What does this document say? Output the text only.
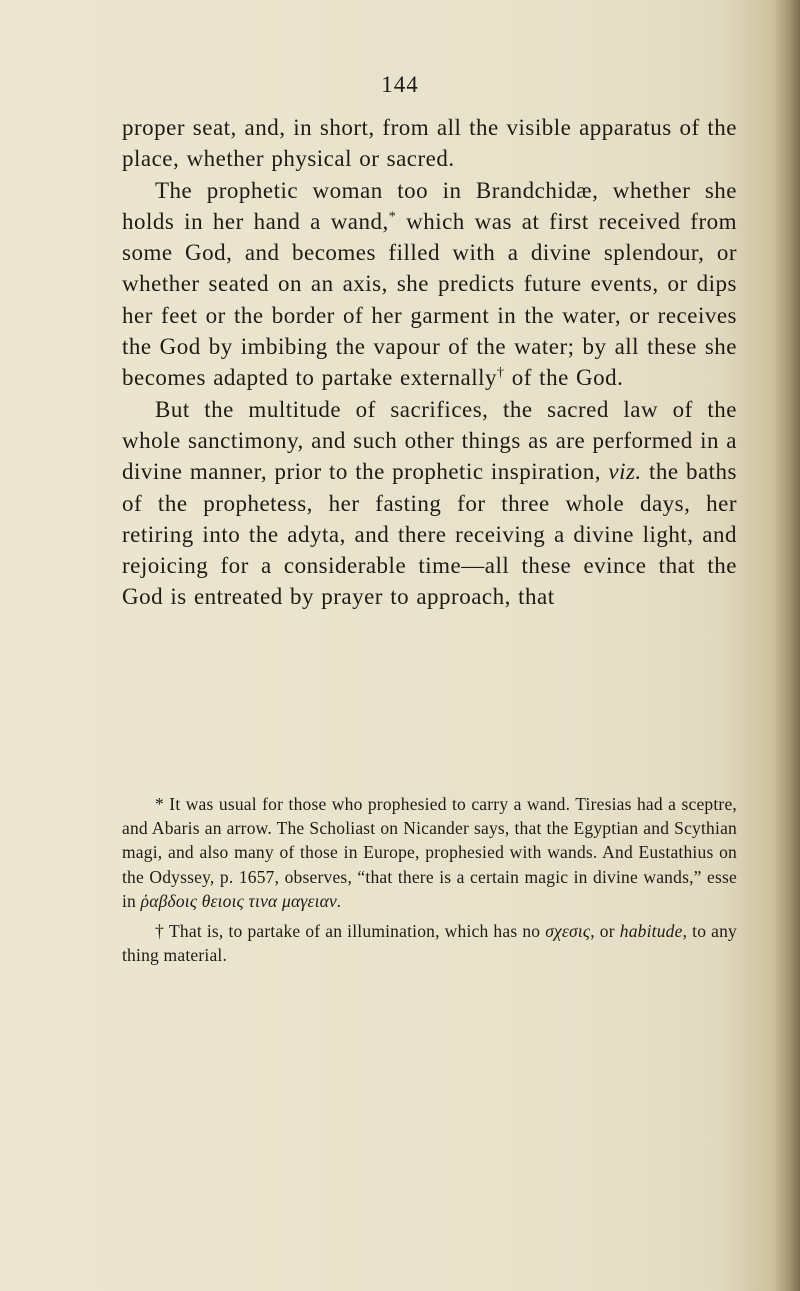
144

proper seat, and, in short, from all the visible apparatus of the place, whether physical or sacred.

The prophetic woman too in Brandchidæ, whether she holds in her hand a wand,* which was at first received from some God, and becomes filled with a divine splendour, or whether seated on an axis, she predicts future events, or dips her feet or the border of her garment in the water, or receives the God by imbibing the vapour of the water; by all these she becomes adapted to partake externally† of the God.

But the multitude of sacrifices, the sacred law of the whole sanctimony, and such other things as are performed in a divine manner, prior to the prophetic inspiration, viz. the baths of the prophetess, her fasting for three whole days, her retiring into the adyta, and there receiving a divine light, and rejoicing for a considerable time—all these evince that the God is entreated by prayer to approach, that

* It was usual for those who prophesied to carry a wand. Tiresias had a sceptre, and Abaris an arrow. The Scholiast on Nicander says, that the Egyptian and Scythian magi, and also many of those in Europe, prophesied with wands. And Eustathius on the Odyssey, p. 1657, observes, “that there is a certain magic in divine wands,” esse in ῥαβδοις θειοις τινα μαγειαν.

† That is, to partake of an illumination, which has no σχεσις, or habitude, to any thing material.
